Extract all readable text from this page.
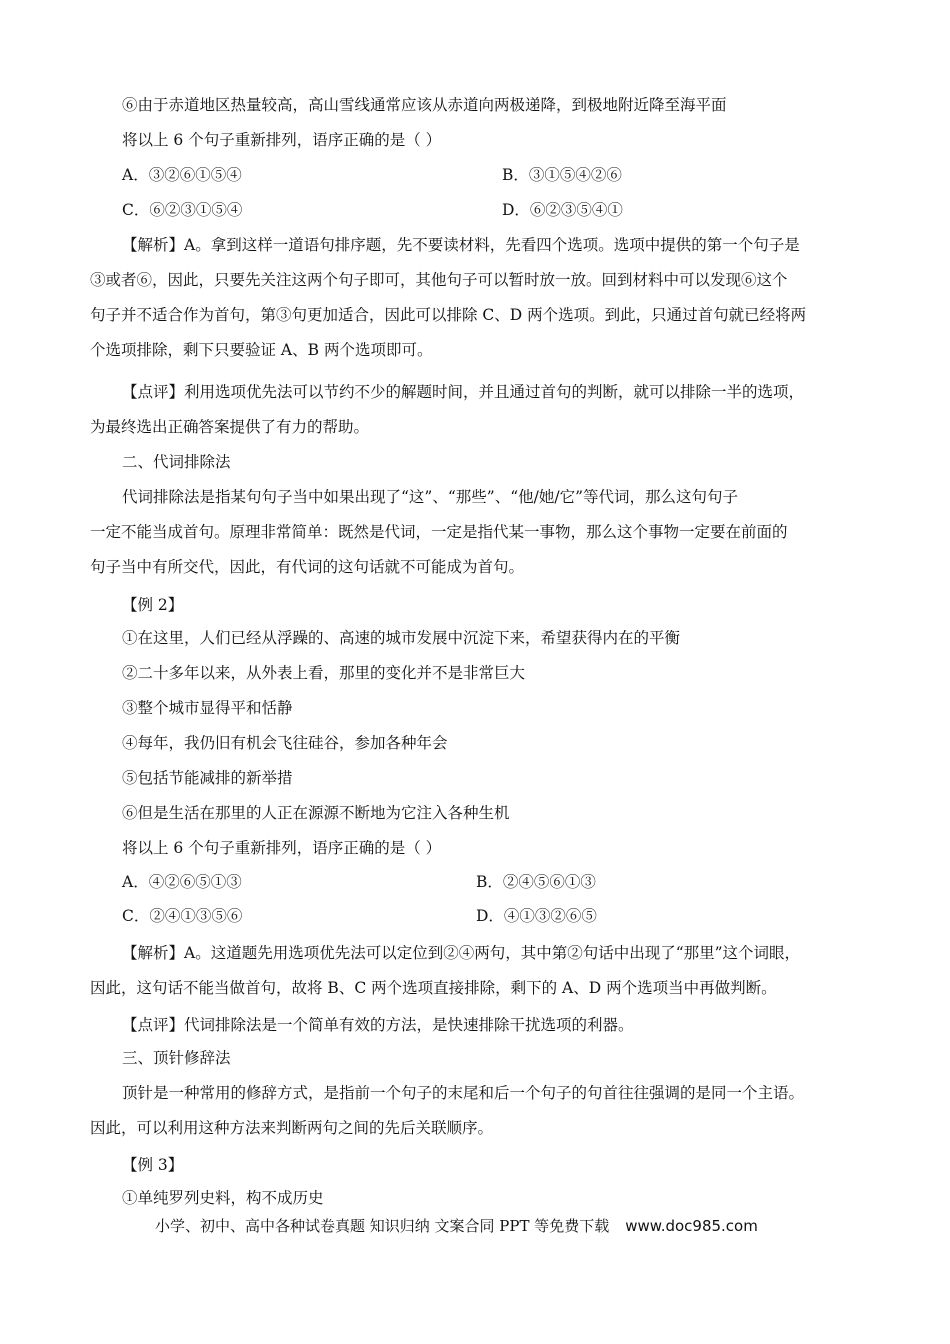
⑥由于赤道地区热量较高，高山雪线通常应该从赤道向两极递降，到极地附近降至海平面
将以上 6 个句子重新排列，语序正确的是（ ）
A．③②⑥①⑤④	B．③①⑤④②⑥
C．⑥②③①⑤④	D．⑥②③⑤④①
【解析】A。拿到这样一道语句排序题，先不要读材料，先看四个选项。选项中提供的第一个句子是
③或者⑥，因此，只要先关注这两个句子即可，其他句子可以暂时放一放。回到材料中可以发现⑥这个
句子并不适合作为首句，第③句更加适合，因此可以排除 C、D 两个选项。到此，只通过首句就已经将两
个选项排除，剩下只要验证 A、B 两个选项即可。
【点评】利用选项优先法可以节约不少的解题时间，并且通过首句的判断，就可以排除一半的选项，
为最终选出正确答案提供了有力的帮助。
二、代词排除法
代词排除法是指某句句子当中如果出现了“这”、“那些”、“他/她/它”等代词，那么这句句子
一定不能当成首句。原理非常简单：既然是代词，一定是指代某一事物，那么这个事物一定要在前面的
句子当中有所交代，因此，有代词的这句话就不可能成为首句。
【例 2】
①在这里，人们已经从浮躁的、高速的城市发展中沉淀下来，希望获得内在的平衡
②二十多年以来，从外表上看，那里的变化并不是非常巨大
③整个城市显得平和恬静
④每年，我仍旧有机会飞往硅谷，参加各种年会
⑤包括节能减排的新举措
⑥但是生活在那里的人正在源源不断地为它注入各种生机
将以上 6 个句子重新排列，语序正确的是（ ）
A．④②⑥⑤①③	B．②④⑤⑥①③
C．②④①③⑤⑥	D．④①③②⑥⑤
【解析】A。这道题先用选项优先法可以定位到②④两句，其中第②句话中出现了“那里”这个词眼，
因此，这句话不能当做首句，故将 B、C 两个选项直接排除，剩下的 A、D 两个选项当中再做判断。
【点评】代词排除法是一个简单有效的方法，是快速排除干扰选项的利器。
三、顶针修辞法
顶针是一种常用的修辞方式，是指前一个句子的末尾和后一个句子的句首往往强调的是同一个主语。
因此，可以利用这种方法来判断两句之间的先后关联顺序。
【例 3】
①单纯罗列史料，构不成历史
小学、初中、高中各种试卷真题 知识归纳 文案合同 PPT 等免费下载 www.doc985.com
